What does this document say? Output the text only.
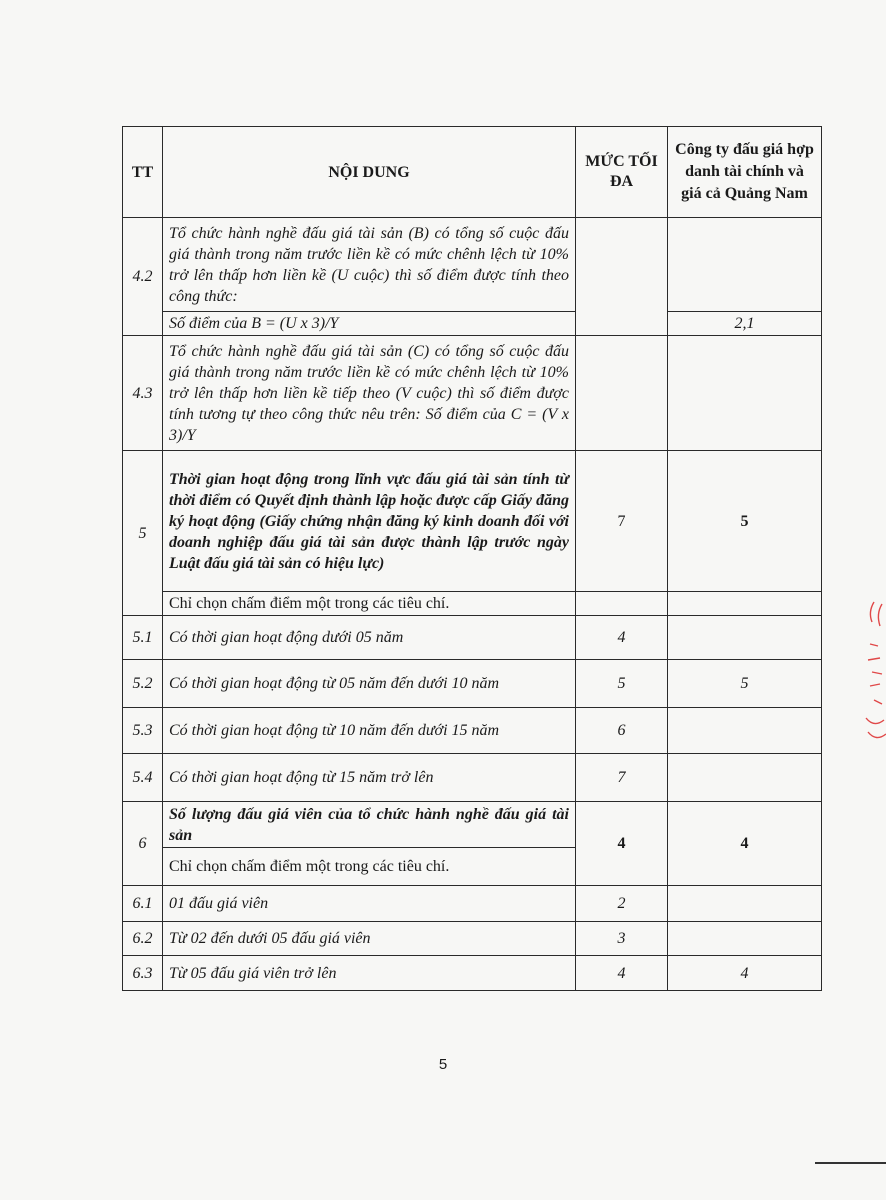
TT	NỘI DUNG	MỨC TỐI ĐA	Công ty đấu giá hợp danh tài chính và giá cả Quảng Nam
4.2	Tổ chức hành nghề đấu giá tài sản (B) có tổng số cuộc đấu giá thành trong năm trước liền kề có mức chênh lệch từ 10% trở lên thấp hơn liền kề (U cuộc) thì số điểm được tính theo công thức:		
	Số điểm của B = (U x 3)/Y		2,1
4.3	Tổ chức hành nghề đấu giá tài sản (C) có tổng số cuộc đấu giá thành trong năm trước liền kề có mức chênh lệch từ 10% trở lên thấp hơn liền kề tiếp theo (V cuộc) thì số điểm được tính tương tự theo công thức nêu trên: Số điểm của C = (V x 3)/Y		
5	Thời gian hoạt động trong lĩnh vực đấu giá tài sản tính từ thời điểm có Quyết định thành lập hoặc được cấp Giấy đăng ký hoạt động (Giấy chứng nhận đăng ký kinh doanh đối với doanh nghiệp đấu giá tài sản được thành lập trước ngày Luật đấu giá tài sản có hiệu lực)	7	5
	Chỉ chọn chấm điểm một trong các tiêu chí.		
5.1	Có thời gian hoạt động dưới 05 năm	4	
5.2	Có thời gian hoạt động từ 05 năm đến dưới 10 năm	5	5
5.3	Có thời gian hoạt động từ 10 năm đến dưới 15 năm	6	
5.4	Có thời gian hoạt động từ 15 năm trở lên	7	
6	Số lượng đấu giá viên của tổ chức hành nghề đấu giá tài sản	4	4
	Chỉ chọn chấm điểm một trong các tiêu chí.		
6.1	01 đấu giá viên	2	
6.2	Từ 02 đến dưới 05 đấu giá viên	3	
6.3	Từ 05 đấu giá viên trở lên	4	4
5
